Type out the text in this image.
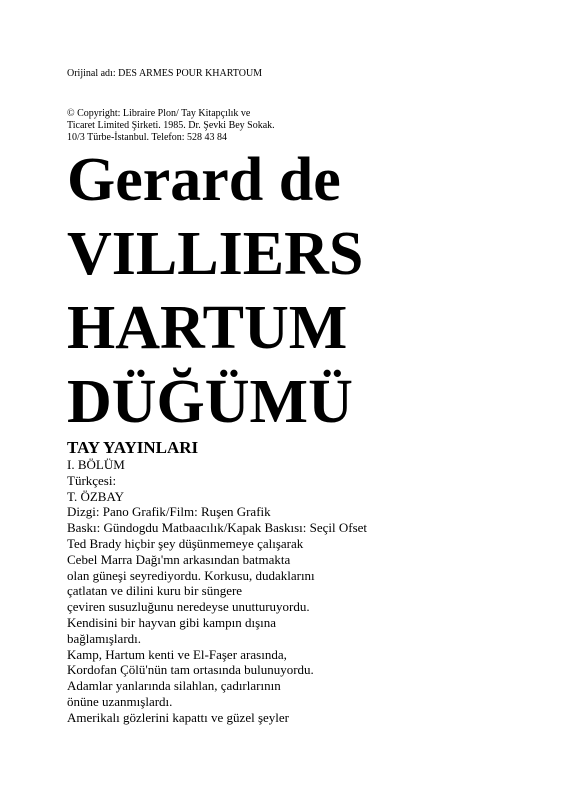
Orijinal adı: DES ARMES POUR KHARTOUM
© Copyright: Libraire Plon/ Tay Kitapçılık ve
Ticaret Limited Şirketi. 1985. Dr. Şevki Bey Sokak.
10/3 Türbe-İstanbul. Telefon: 528 43 84
Gerard de
VILLIERS
HARTUM
DÜĞÜMÜ
TAY YAYINLARI
I. BÖLÜM
Türkçesi:
T. ÖZBAY
Dizgi: Pano Grafik/Film: Ruşen Grafik
Baskı: Gündogdu Matbaacılık/Kapak Baskısı: Seçil Ofset
Ted Brady hiçbir şey düşünmemeye çalışarak
Cebel Marra Dağı'mn arkasından batmakta
olan güneşi seyrediyordu. Korkusu, dudaklarını
çatlatan ve dilini kuru bir süngere
çeviren susuzluğunu neredeyse unutturuyordu.
Kendisini bir hayvan gibi kampın dışına
bağlamışlardı.
Kamp, Hartum kenti ve El-Faşer arasında,
Kordofan Çölü'nün tam ortasında bulunuyordu.
Adamlar yanlarında silahlan, çadırlarının
önüne uzanmışlardı.
Amerikalı gözlerini kapattı ve güzel şeyler
